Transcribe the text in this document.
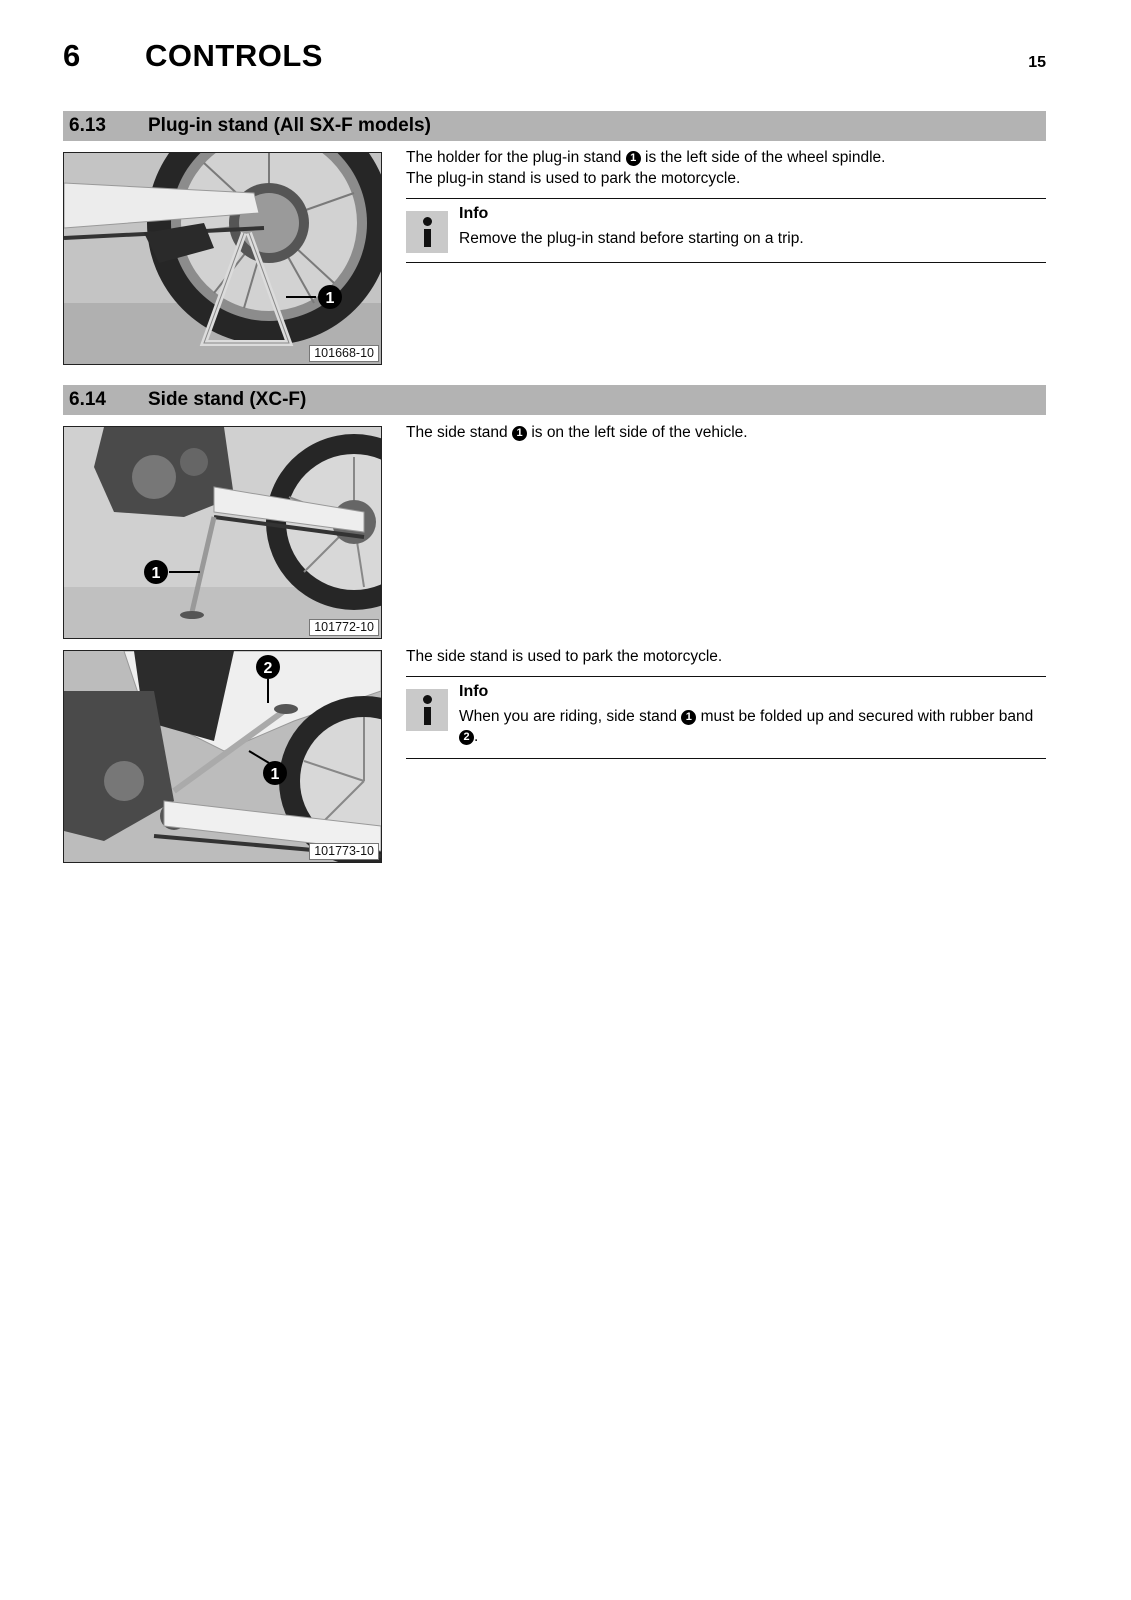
6 CONTROLS	15
6.13 Plug-in stand (All SX-F models)
1
101668-10
The holder for the plug-in stand 1 is the left side of the wheel spindle.
The plug-in stand is used to park the motorcycle.
Info
Remove the plug-in stand before starting on a trip.
6.14 Side stand (XC-F)
1
101772-10
The side stand 1 is on the left side of the vehicle.
2
1
101773-10
The side stand is used to park the motorcycle.
Info
When you are riding, side stand 1 must be folded up and secured with rubber band 2 .
